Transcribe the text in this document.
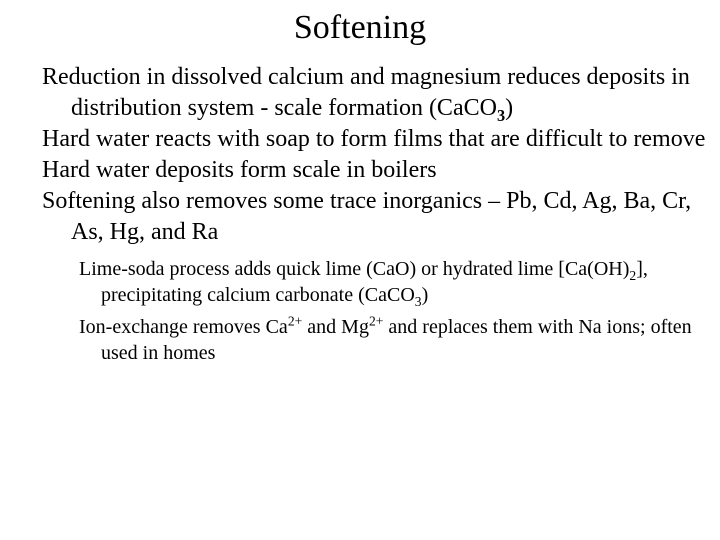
Softening
Reduction in dissolved calcium and magnesium reduces deposits in distribution system - scale formation (CaCO$_3$)
Hard water reacts with soap to form films that are difficult to remove
Hard water deposits form scale in boilers
Softening also removes some trace inorganics – Pb, Cd, Ag, Ba, Cr, As, Hg, and Ra
Lime-soda process adds quick lime (CaO) or hydrated lime $[Ca(OH)_2]$, precipitating calcium carbonate (CaCO$_3$)
Ion-exchange removes $Ca^{2+}$ and $Mg^{2+}$ and replaces them with Na ions; often used in homes
